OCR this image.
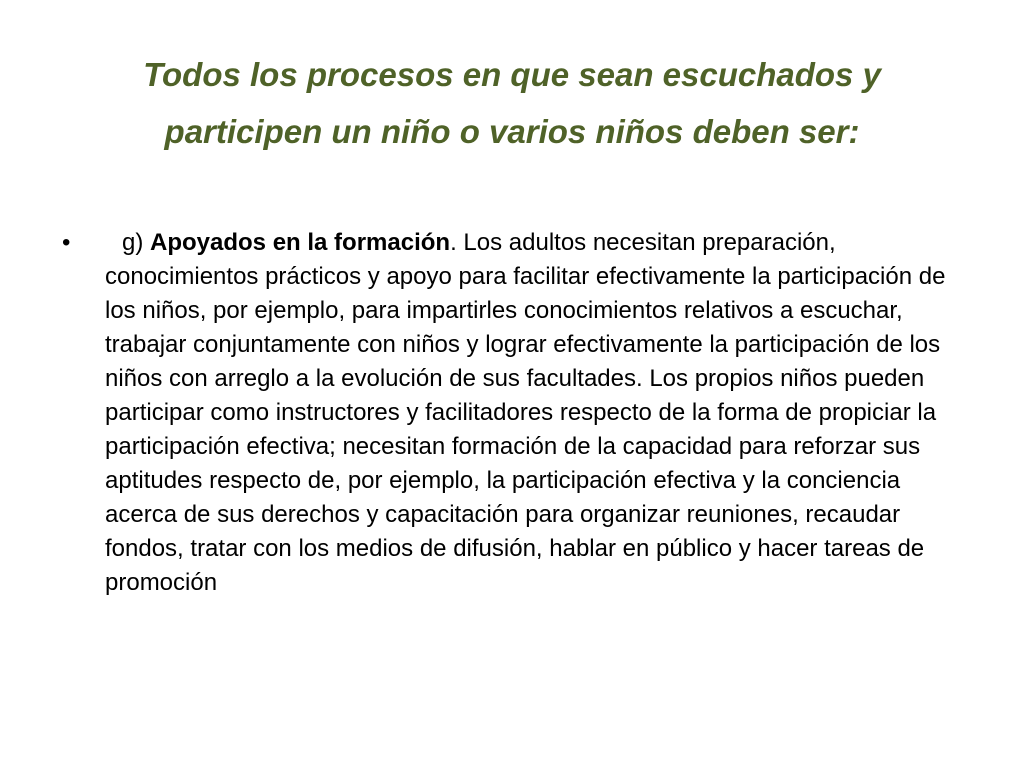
Todos los procesos en que sean escuchados y
participen un niño o varios niños deben ser:
• g) Apoyados en la formación. Los adultos necesitan preparación, conocimientos prácticos y apoyo para facilitar efectivamente la participación de los niños, por ejemplo, para impartirles conocimientos relativos a escuchar, trabajar conjuntamente con niños y lograr efectivamente la participación de los niños con arreglo a la evolución de sus facultades. Los propios niños pueden participar como instructores y facilitadores respecto de la forma de propiciar la participación efectiva; necesitan formación de la capacidad para reforzar sus aptitudes respecto de, por ejemplo, la participación efectiva y la conciencia acerca de sus derechos y capacitación para organizar reuniones, recaudar fondos, tratar con los medios de difusión, hablar en público y hacer tareas de promoción
